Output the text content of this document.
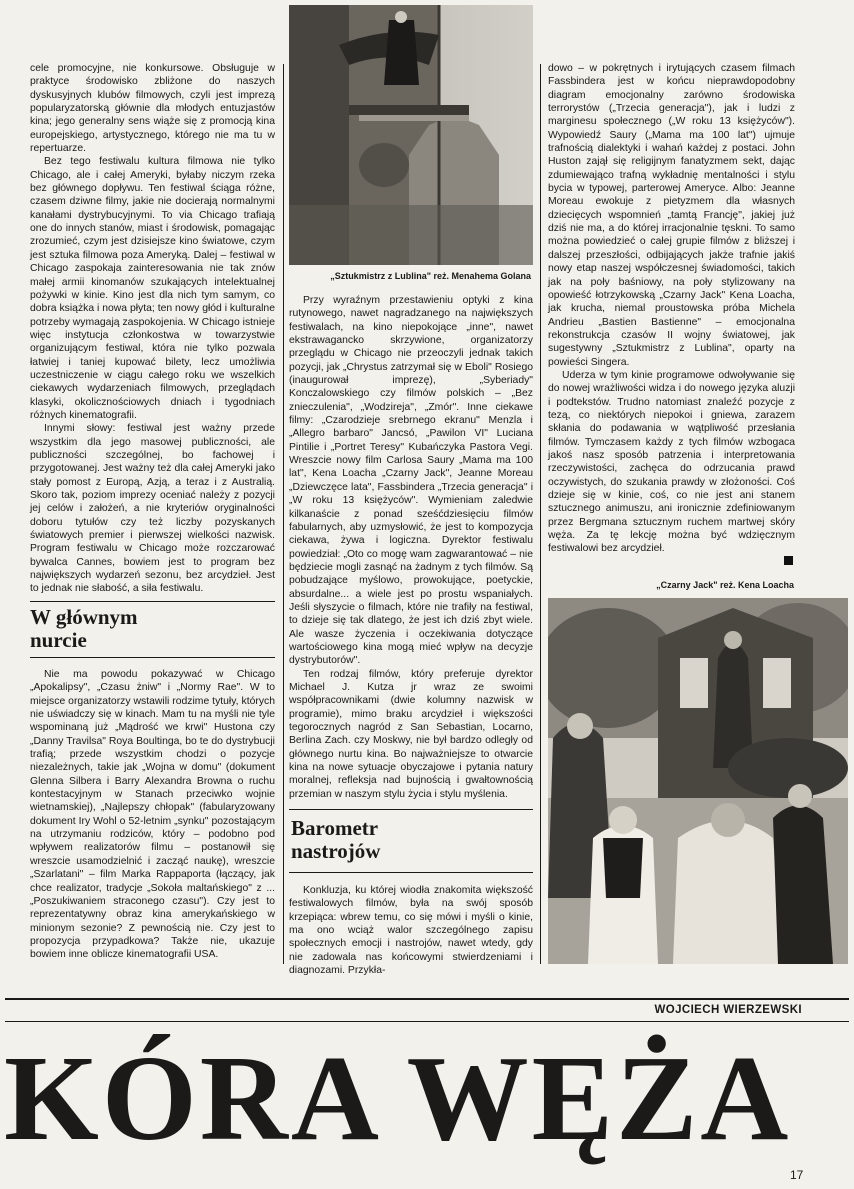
cele promocyjne, nie konkursowe. Obsługuje w praktyce środowisko zbliżone do naszych dyskusyjnych klubów filmowych, czyli jest imprezą popularyzatorską głównie dla młodych entuzjastów kina; jego generalny sens wiąże się z promocją kina europejskiego, artystycznego, którego nie ma tu w repertuarze.

Bez tego festiwalu kultura filmowa nie tylko Chicago, ale i całej Ameryki, byłaby niczym rzeka bez głównego dopływu. Ten festiwal ściąga różne, czasem dziwne filmy, jakie nie docierają normalnymi kanałami dystrybucyjnymi. To via Chicago trafiają one do innych stanów, miast i środowisk, pomagając zrozumieć, czym jest dzisiejsze kino światowe, czym jest sztuka filmowa poza Ameryką. Dalej – festiwal w Chicago zaspokaja zainteresowania nie tak znów małej armii kinomanów szukających intelektualnej pożywki w kinie. Kino jest dla nich tym samym, co dobra książka i nowa płyta; ten nowy głód i kulturalne potrzeby wymagają zaspokojenia. W Chicago istnieje więc instytucja członkostwa w towarzystwie organizującym festiwal, która nie tylko pozwala łatwiej i taniej kupować bilety, lecz umożliwia uczestniczenie w ciągu całego roku we wszelkich ciekawych wydarzeniach filmowych, przeglądach klasyki, okolicznościowych dniach i tygodniach różnych kinematografii.

Innymi słowy: festiwal jest ważny przede wszystkim dla jego masowej publiczności, ale publiczności szczególnej, bo fachowej i przygotowanej. Jest ważny też dla całej Ameryki jako stały pomost z Europą, Azją, a teraz i z Australią. Skoro tak, poziom imprezy oceniać należy z pozycji jej celów i założeń, a nie kryteriów oryginalności doboru tytułów czy też liczby pozyskanych światowych premier i pierwszej wielkości nazwisk. Program festiwalu w Chicago może rozczarować bywalca Cannes, bowiem jest to program bez największych wydarzeń sezonu, bez arcydzieł. Jest to jednak nie słabość, a siła festiwalu.

W głównym nurcie

Nie ma powodu pokazywać w Chicago „Apokalipsy", „Czasu żniw" i „Normy Rae". W to miejsce organizatorzy wstawili rodzime tytuły, których nie uświadczy się w kinach. Mam tu na myśli nie tyle wspominaną już „Mądrość we krwi" Hustona czy „Danny Travilsa" Roya Boultinga, bo te do dystrybucji trafią; przede wszystkim chodzi o pozycje niezależnych, takie jak „Wojna w domu" (dokument Glenna Silbera i Barry Alexandra Browna o ruchu kontestacyjnym w Stanach przeciwko wojnie wietnamskiej), „Najlepszy chłopak" (fabularyzowany dokument Iry Wohl o 52-letnim „synku" pozostającym na utrzymaniu rodziców, który – podobno pod wpływem realizatorów filmu – postanowił się wreszcie usamodzielnić i zacząć naukę), wreszcie „Szarlatani" – film Marka Rappaporta (łączący, jak chce realizator, tradycje „Sokoła maltańskiego" z ... „Poszukiwaniem straconego czasu"). Czy jest to reprezentatywny obraz kina amerykańskiego w minionym sezonie? Z pewnością nie. Czy jest to propozycja przypadkowa? Także nie, ukazuje bowiem inne oblicze kinematografii USA.

„Sztukmistrz z Lublina" reż. Menahema Golana

Przy wyraźnym przestawieniu optyki z kina rutynowego, nawet nagradzanego na największych festiwalach, na kino niepokojące „inne", nawet ekstrawagancko skrzywione, organizatorzy przeglądu w Chicago nie przeoczyli jednak takich pozycji, jak „Chrystus zatrzymał się w Eboli" Rosiego (inaugurował imprezę), „Syberiady" Konczalowskiego czy filmów polskich – „Bez znieczulenia", „Wodzireja", „Zmór". Inne ciekawe filmy: „Czarodzieje srebrnego ekranu" Menzla i „Allegro barbaro" Jancsó, „Pawilon VI" Luciana Pintilie i „Portret Teresy" Kubańczyka Pastora Vegi. Wreszcie nowy film Carlosa Saury „Mama ma 100 lat", Kena Loacha „Czarny Jack", Jeanne Moreau „Dziewczęce lata", Fassbindera „Trzecia generacja" i „W roku 13 księżyców". Wymieniam zaledwie kilkanaście z ponad sześćdziesięciu filmów fabularnych, aby uzmysłowić, że jest to kompozycja ciekawa, żywa i logiczna. Dyrektor festiwalu powiedział: „Oto co mogę wam zagwarantować – nie będziecie mogli zasnąć na żadnym z tych filmów. Są pobudzające myślowo, prowokujące, poetyckie, absurdalne... a wiele jest po prostu wspaniałych. Jeśli słyszycie o filmach, które nie trafiły na festiwal, to dzieje się tak dlatego, że jest ich dziś zbyt wiele. Ale wasze życzenia i oczekiwania dotyczące wartościowego kina mogą mieć wpływ na decyzje dystrybutorów".

Ten rodzaj filmów, który preferuje dyrektor Michael J. Kutza jr wraz ze swoimi współpracownikami (dwie kolumny nazwisk w programie), mimo braku arcydzieł i większości tegorocznych nagród z San Sebastian, Locarno, Berlina Zach. czy Moskwy, nie był bardzo odległy od głównego nurtu kina. Bo najważniejsze to otwarcie kina na nowe sytuacje obyczajowe i pytania natury moralnej, refleksja nad bujnością i gwałtownością przemian w naszym stylu życia i stylu myślenia.

Barometr nastrojów

Konkluzja, ku której wiodła znakomita większość festiwalowych filmów, była na swój sposób krzepiąca: wbrew temu, co się mówi i myśli o kinie, ma ono wciąż walor szczególnego zapisu społecznych emocji i nastrojów, nawet wtedy, gdy nie zadowala nas końcowymi stwierdzeniami i diagnozami. Przykła-

dowo – w pokrętnych i irytujących czasem filmach Fassbindera jest w końcu nieprawdopodobny diagram emocjonalny zarówno środowiska terrorystów („Trzecia generacja"), jak i ludzi z marginesu społecznego („W roku 13 księżyców"). Wypowiedź Saury („Mama ma 100 lat") ujmuje trafnością dialektyki i wahań każdej z postaci. John Huston zajął się religijnym fanatyzmem sekt, dając zdumiewająco trafną wykładnię mentalności i stylu bycia w typowej, parterowej Ameryce. Albo: Jeanne Moreau ewokuje z pietyzmem dla własnych dziecięcych wspomnień „tamtą Francję", jakiej już dziś nie ma, a do której irracjonalnie tęskni. To samo można powiedzieć o całej grupie filmów z bliższej i dalszej przeszłości, odbijających jakże trafnie jakiś nowy etap naszej współczesnej świadomości, takich jak na poły baśniowy, na poły stylizowany na opowieść łotrzykowską „Czarny Jack" Kena Loacha, jak krucha, niemal proustowska próba Michela Andrieu „Bastien Bastienne" – emocjonalna rekonstrukcja czasów II wojny światowej, jak sugestywny „Sztukmistrz z Lublina", oparty na powieści Singera.

Uderza w tym kinie programowe odwoływanie się do nowej wrażliwości widza i do nowego języka aluzji i podtekstów. Trudno natomiast znaleźć pozycje z tezą, co niektórych niepokoi i gniewa, zarazem skłania do podawania w wątpliwość przesłania filmów. Tymczasem każdy z tych filmów wzbogaca jakoś nasz sposób patrzenia i interpretowania rzeczywistości, zachęca do odrzucania prawd oczywistych, do szukania prawdy w złożoności. Coś dzieje się w kinie, coś, co nie jest ani stanem sztucznego animuszu, ani ironicznie zdefiniowanym przez Bergmana sztucznym ruchem martwej skóry węża. Za tę lekcję można być wdzięcznym festiwalowi bez arcydzieł.

„Czarny Jack" reż. Kena Loacha
WOJCIECH WIERZEWSKI
KÓRA WĘŻA
17
